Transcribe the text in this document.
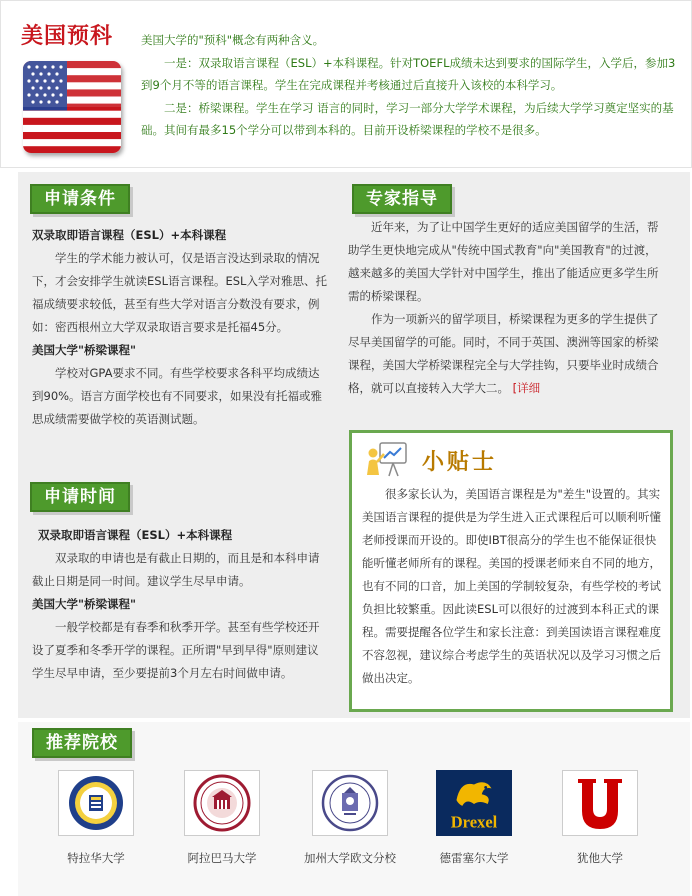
美国预科 美国大学的"预科"概念有两种含义。

一是：双录取语言课程（ESL）+本科课程。针对TOEFL成绩未达到要求的国际学生，入学后，参加3到9个月不等的语言课程。学生在完成课程并考核通过后直接升入该校的本科学习。

二是：桥梁课程。学生在学习 语言的同时，学习一部分大学学术课程，为后续大学学习奠定坚实的基础。其间有最多15个学分可以带到本科的。目前开设桥梁课程的学校不是很多。

申请条件
双录取即语言课程（ESL）+本科课程
学生的学术能力被认可，仅是语言没达到录取的情况下，才会安排学生就读ESL语言课程。ESL入学对雅思、托福成绩要求较低，甚至有些大学对语言分数没有要求，例如：密西根州立大学双录取语言要求是托福45分。
美国大学"桥梁课程"
学校对GPA要求不同。有些学校要求各科平均成绩达到90%。语言方面学校也有不同要求，如果没有托福或雅思成绩需要做学校的英语测试题。
申请时间
双录取即语言课程（ESL）+本科课程
双录取的申请也是有截止日期的，而且是和本科申请截止日期是同一时间。建议学生尽早申请。
美国大学"桥梁课程"
一般学校都是有春季和秋季开学。甚至有些学校还开设了夏季和冬季开学的课程。正所谓"早到早得"原则建议学生尽早申请，至少要提前3个月左右时间做申请。
专家指导
近年来，为了让中国学生更好的适应美国留学的生活，帮助学生更快地完成从"传统中国式教育"向"美国教育"的过渡，越来越多的美国大学针对中国学生，推出了能适应更多学生所需的桥梁课程。
作为一项新兴的留学项目，桥梁课程为更多的学生提供了尽早美国留学的可能。同时，不同于英国、澳洲等国家的桥梁课程，美国大学桥梁课程完全与大学挂钩，只要毕业时成绩合格，就可以直接转入大学大二。 [详细
小贴士
很多家长认为，美国语言课程是为"差生"设置的。其实美国语言课程的提供是为学生进入正式课程后可以顺利听懂老师授课而开设的。即使IBT很高分的学生也不能保证很快能听懂老师所有的课程。美国的授课老师来自不同的地方，也有不同的口音，加上美国的学制较复杂，有些学校的考试负担比较繁重。因此读ESL可以很好的过渡到本科正式的课程。需要提醒各位学生和家长注意：到美国读语言课程难度不容忽视，建议综合考虑学生的英语状况以及学习习惯之后做出决定。
推荐院校
特拉华大学	阿拉巴马大学	加州大学欧文分校
Drexel
德雷塞尔大学	犹他大学
